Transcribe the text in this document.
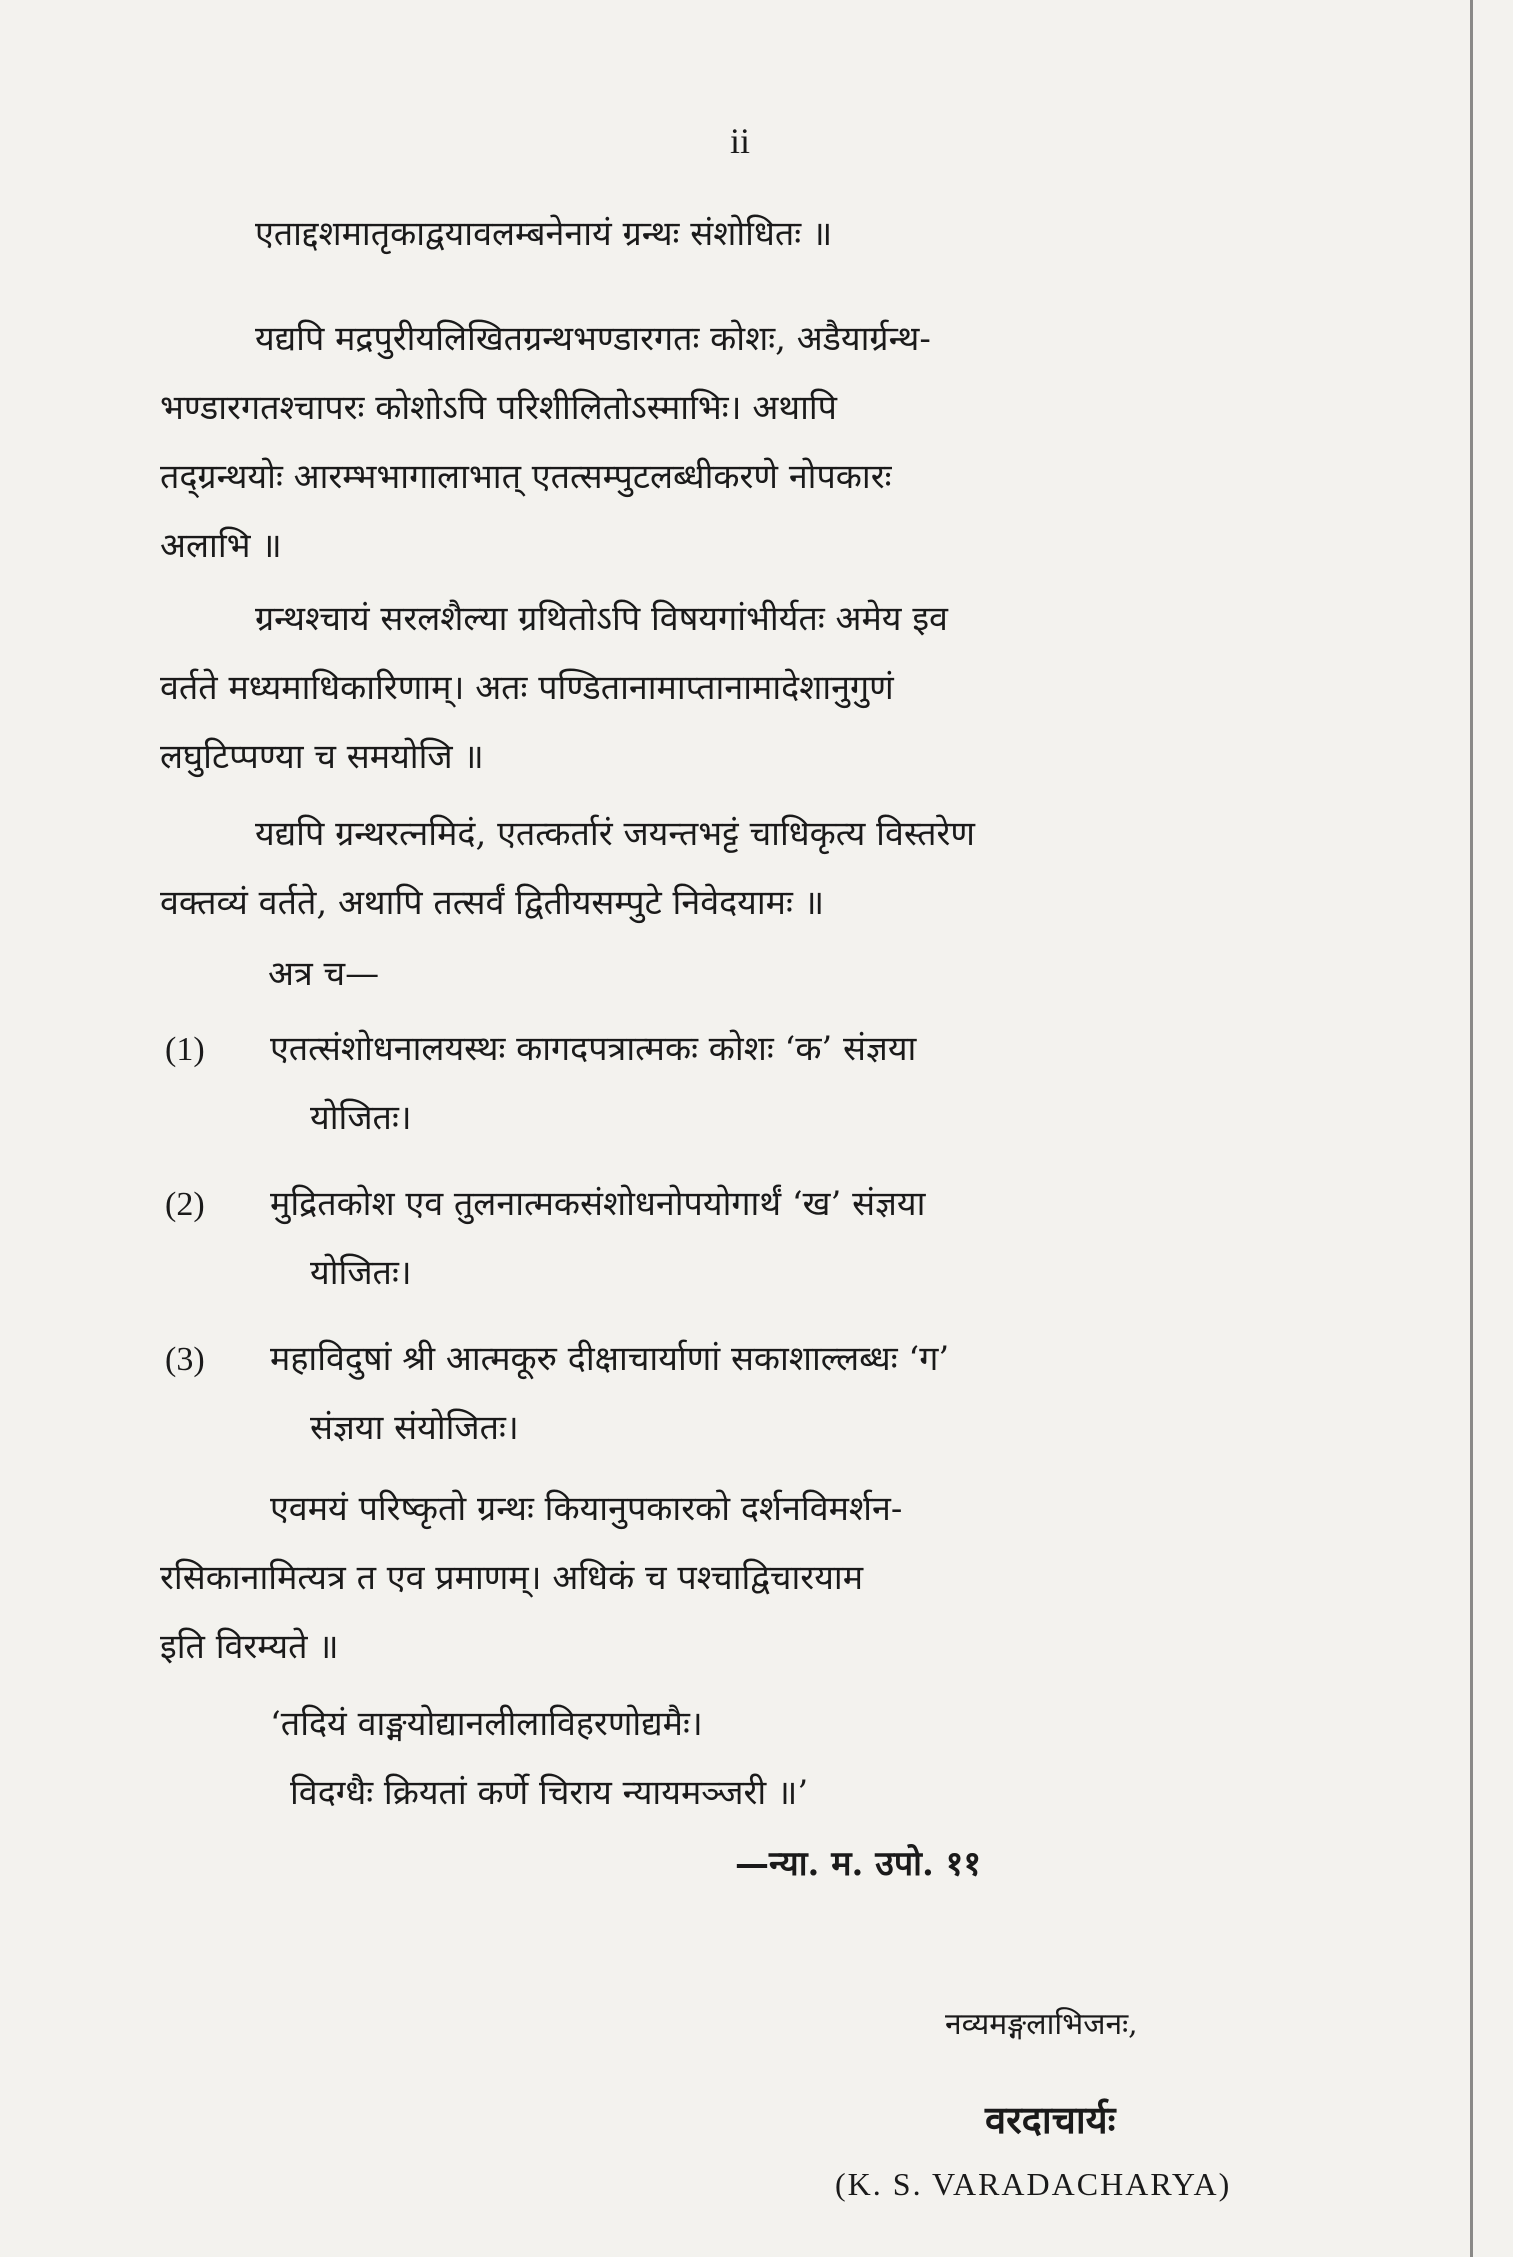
ii

एताद्दशमातृकाद्वयावलम्बनेनायं ग्रन्थः संशोधितः ॥

यद्यपि मद्रपुरीयलिखितग्रन्थभण्डारगतः कोशः, अडैयार्ग्रन्थ-
भण्डारगतश्चापरः कोशोऽपि परिशीलितोऽस्माभिः। अथापि
तद्ग्रन्थयोः आरम्भभागालाभात् एतत्सम्पुटलब्धीकरणे नोपकारः
अलाभि ॥
ग्रन्थश्चायं सरलशैल्या ग्रथितोऽपि विषयगांभीर्यतः अमेय इव
वर्तते मध्यमाधिकारिणाम्। अतः पण्डितानामाप्तानामादेशानुगुणं
लघुटिप्पण्या च समयोजि ॥
यद्यपि ग्रन्थरत्नमिदं, एतत्कर्तारं जयन्तभट्टं चाधिकृत्य विस्तरेण
वक्तव्यं वर्तते, अथापि तत्सर्वं द्वितीयसम्पुटे निवेदयामः ॥

अत्र च—

(1)	एतत्संशोधनालयस्थः कागदपत्रात्मकः कोशः ‘क’ संज्ञया
योजितः।
(2)	मुद्रितकोश एव तुलनात्मकसंशोधनोपयोगार्थं ‘ख’ संज्ञया
योजितः।
(3)	महाविदुषां श्री आत्मकूरु दीक्षाचार्याणां सकाशाल्लब्धः ‘ग’
संज्ञया संयोजितः।
एवमयं परिष्कृतो ग्रन्थः कियानुपकारको दर्शनविमर्शन-
रसिकानामित्यत्र त एव प्रमाणम्। अधिकं च पश्चाद्विचारयाम
इति विरम्यते ॥
‘तदियं वाङ्मयोद्यानलीलाविहरणोद्यमैः।
विदग्धैः क्रियतां कर्णे चिराय न्यायमञ्जरी ॥’

—न्या. म. उपो. ११

नव्यमङ्गलाभिजनः,

वरदाचार्यः

(K. S. VARADACHARYA)
